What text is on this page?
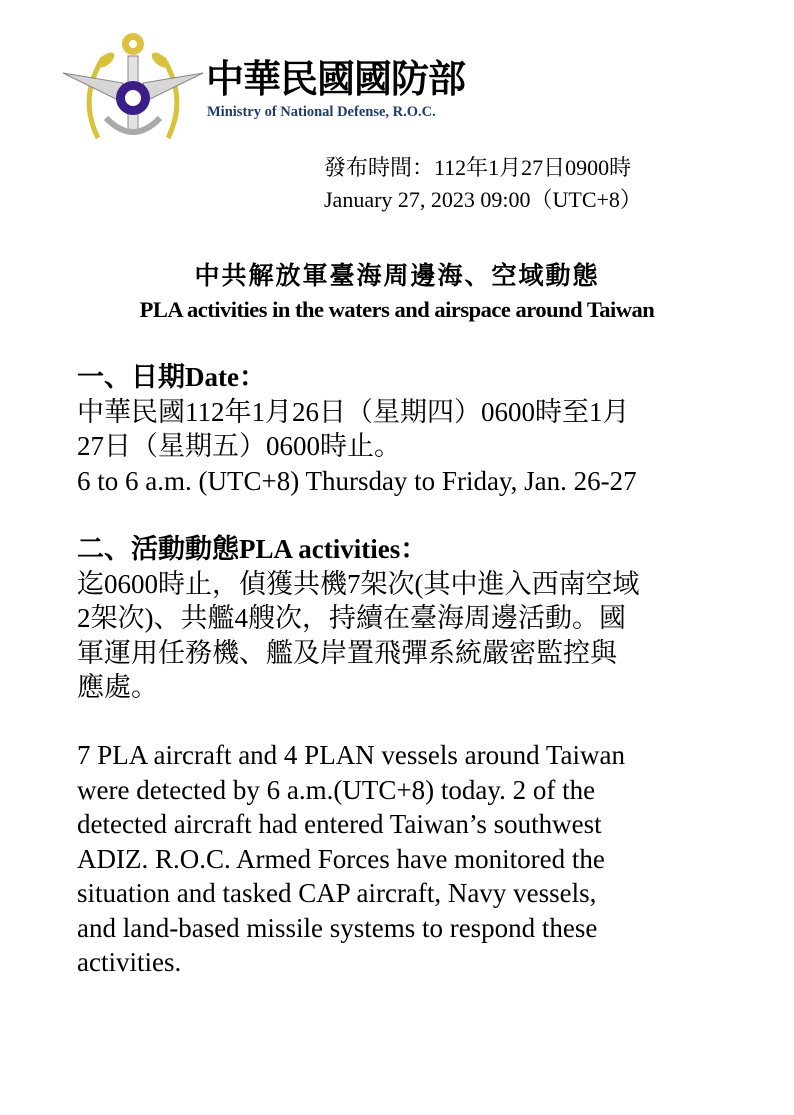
中華民國國防部
Ministry of National Defense, R.O.C.
發布時間：112年1月27日0900時
January 27, 2023 09:00（UTC+8）
中共解放軍臺海周邊海、空域動態
PLA activities in the waters and airspace around Taiwan
一、日期Date：
中華民國112年1月26日（星期四）0600時至1月
27日（星期五）0600時止。
6 to 6 a.m. (UTC+8) Thursday to Friday, Jan. 26-27
二、活動動態PLA activities：
迄0600時止，偵獲共機7架次(其中進入西南空域
2架次)、共艦4艘次，持續在臺海周邊活動。國
軍運用任務機、艦及岸置飛彈系統嚴密監控與
應處。
7 PLA aircraft and 4 PLAN vessels around Taiwan
were detected by 6 a.m.(UTC+8) today. 2 of the
detected aircraft had entered Taiwan’s southwest
ADIZ. R.O.C. Armed Forces have monitored the
situation and tasked CAP aircraft, Navy vessels,
and land-based missile systems to respond these
activities.
